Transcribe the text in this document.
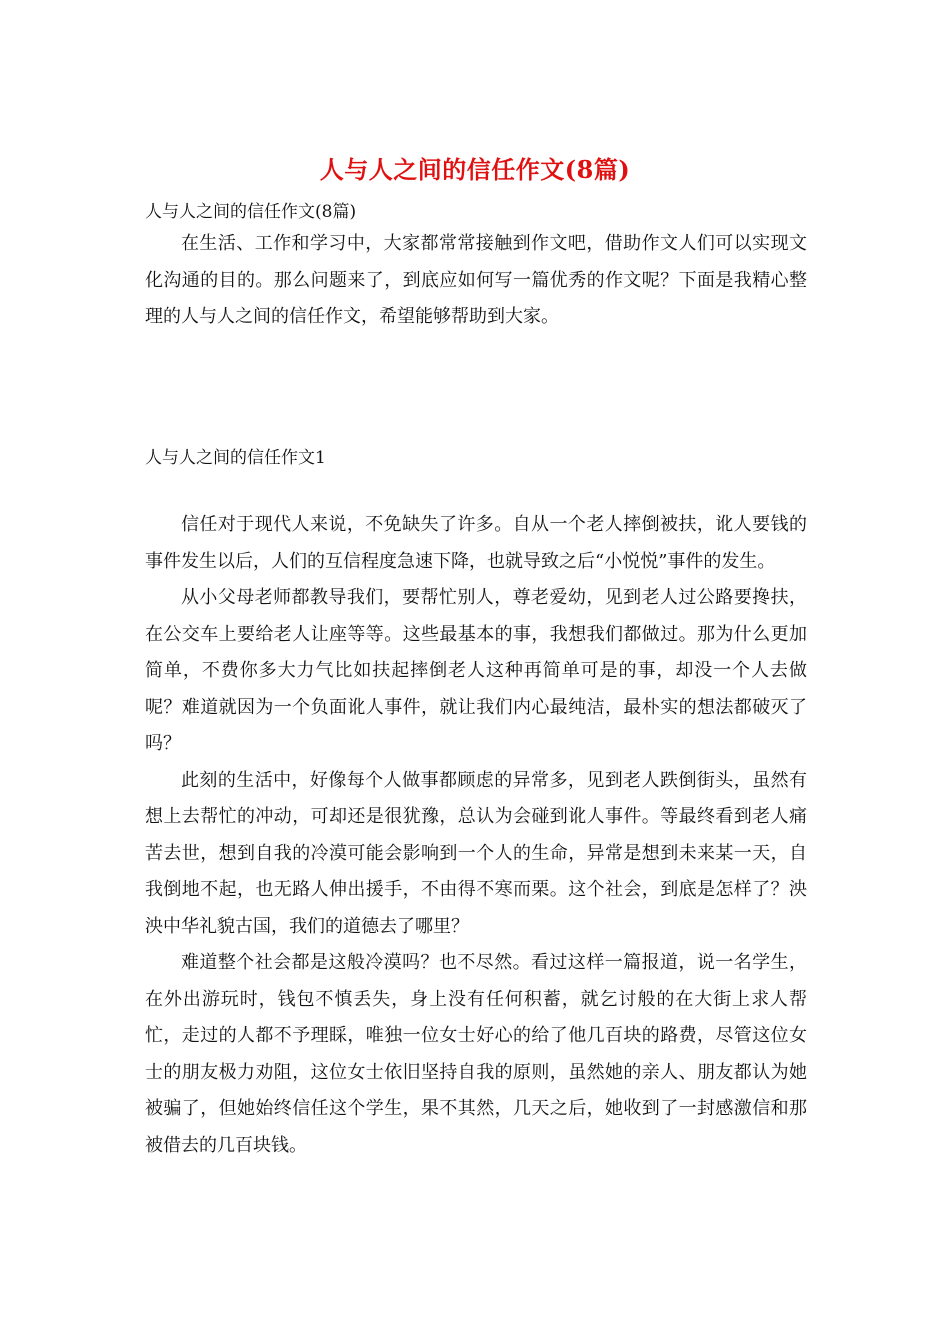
人与人之间的信任作文(8篇)
人与人之间的信任作文(8篇)

在生活、工作和学习中，大家都常常接触到作文吧，借助作文人们可以实现文化沟通的目的。那么问题来了，到底应如何写一篇优秀的作文呢？下面是我精心整理的人与人之间的信任作文，希望能够帮助到大家。

人与人之间的信任作文1

信任对于现代人来说，不免缺失了许多。自从一个老人摔倒被扶，讹人要钱的事件发生以后，人们的互信程度急速下降，也就导致之后“小悦悦”事件的发生。

从小父母老师都教导我们，要帮忙别人，尊老爱幼，见到老人过公路要搀扶，在公交车上要给老人让座等等。这些最基本的事，我想我们都做过。那为什么更加简单，不费你多大力气比如扶起摔倒老人这种再简单可是的事，却没一个人去做呢？难道就因为一个负面讹人事件，就让我们内心最纯洁，最朴实的想法都破灭了吗？

此刻的生活中，好像每个人做事都顾虑的异常多，见到老人跌倒街头，虽然有想上去帮忙的冲动，可却还是很犹豫，总认为会碰到讹人事件。等最终看到老人痛苦去世，想到自我的冷漠可能会影响到一个人的生命，异常是想到未来某一天，自我倒地不起，也无路人伸出援手，不由得不寒而栗。这个社会，到底是怎样了？泱泱中华礼貌古国，我们的道德去了哪里？

难道整个社会都是这般冷漠吗？也不尽然。看过这样一篇报道，说一名学生，在外出游玩时，钱包不慎丢失，身上没有任何积蓄，就乞讨般的在大街上求人帮忙，走过的人都不予理睬，唯独一位女士好心的给了他几百块的路费，尽管这位女士的朋友极力劝阻，这位女士依旧坚持自我的原则，虽然她的亲人、朋友都认为她被骗了，但她始终信任这个学生，果不其然，几天之后，她收到了一封感激信和那被借去的几百块钱。
